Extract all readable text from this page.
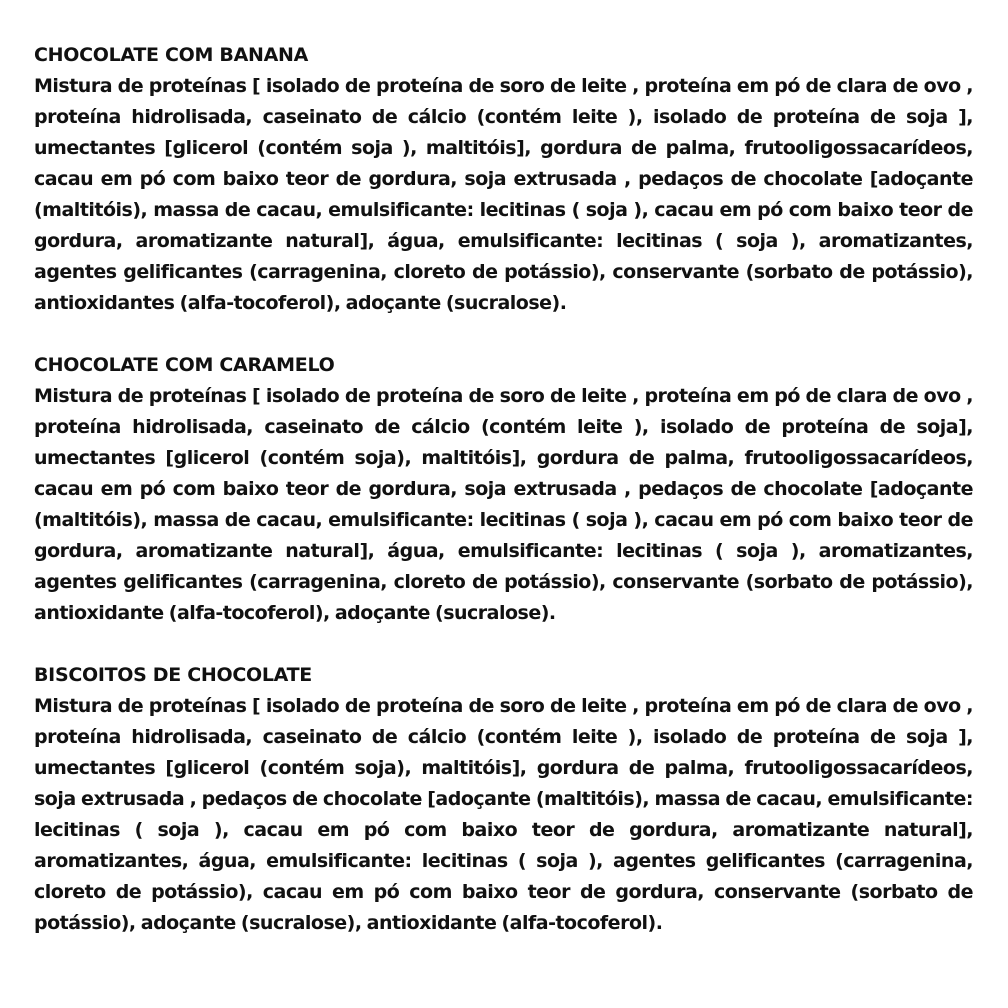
CHOCOLATE COM BANANA

Mistura de proteínas [ isolado de proteína de soro de leite , proteína em pó de clara de ovo , proteína hidrolisada, caseinato de cálcio (contém leite ), isolado de proteína de soja ], umectantes [glicerol (contém soja ), maltitóis], gordura de palma, frutooligossacarídeos, cacau em pó com baixo teor de gordura, soja extrusada , pedaços de chocolate [adoçante (maltitóis), massa de cacau, emulsificante: lecitinas ( soja ), cacau em pó com baixo teor de gordura, aromatizante natural], água, emulsificante: lecitinas ( soja ), aromatizantes, agentes gelificantes (carragenina, cloreto de potássio), conservante (sorbato de potássio), antioxidantes (alfa-tocoferol), adoçante (sucralose).

CHOCOLATE COM CARAMELO

Mistura de proteínas [ isolado de proteína de soro de leite , proteína em pó de clara de ovo , proteína hidrolisada, caseinato de cálcio (contém leite ), isolado de proteína de soja], umectantes [glicerol (contém soja), maltitóis], gordura de palma, frutooligossacarídeos, cacau em pó com baixo teor de gordura, soja extrusada , pedaços de chocolate [adoçante (maltitóis), massa de cacau, emulsificante: lecitinas ( soja ), cacau em pó com baixo teor de gordura, aromatizante natural], água, emulsificante: lecitinas ( soja ), aromatizantes, agentes gelificantes (carragenina, cloreto de potássio), conservante (sorbato de potássio), antioxidante (alfa-tocoferol), adoçante (sucralose).

BISCOITOS DE CHOCOLATE

Mistura de proteínas [ isolado de proteína de soro de leite , proteína em pó de clara de ovo , proteína hidrolisada, caseinato de cálcio (contém leite ), isolado de proteína de soja ], umectantes [glicerol (contém soja), maltitóis], gordura de palma, frutooligossacarídeos, soja extrusada , pedaços de chocolate [adoçante (maltitóis), massa de cacau, emulsificante: lecitinas ( soja ), cacau em pó com baixo teor de gordura, aromatizante natural], aromatizantes, água, emulsificante: lecitinas ( soja ), agentes gelificantes (carragenina, cloreto de potássio), cacau em pó com baixo teor de gordura, conservante (sorbato de potássio), adoçante (sucralose), antioxidante (alfa-tocoferol).
